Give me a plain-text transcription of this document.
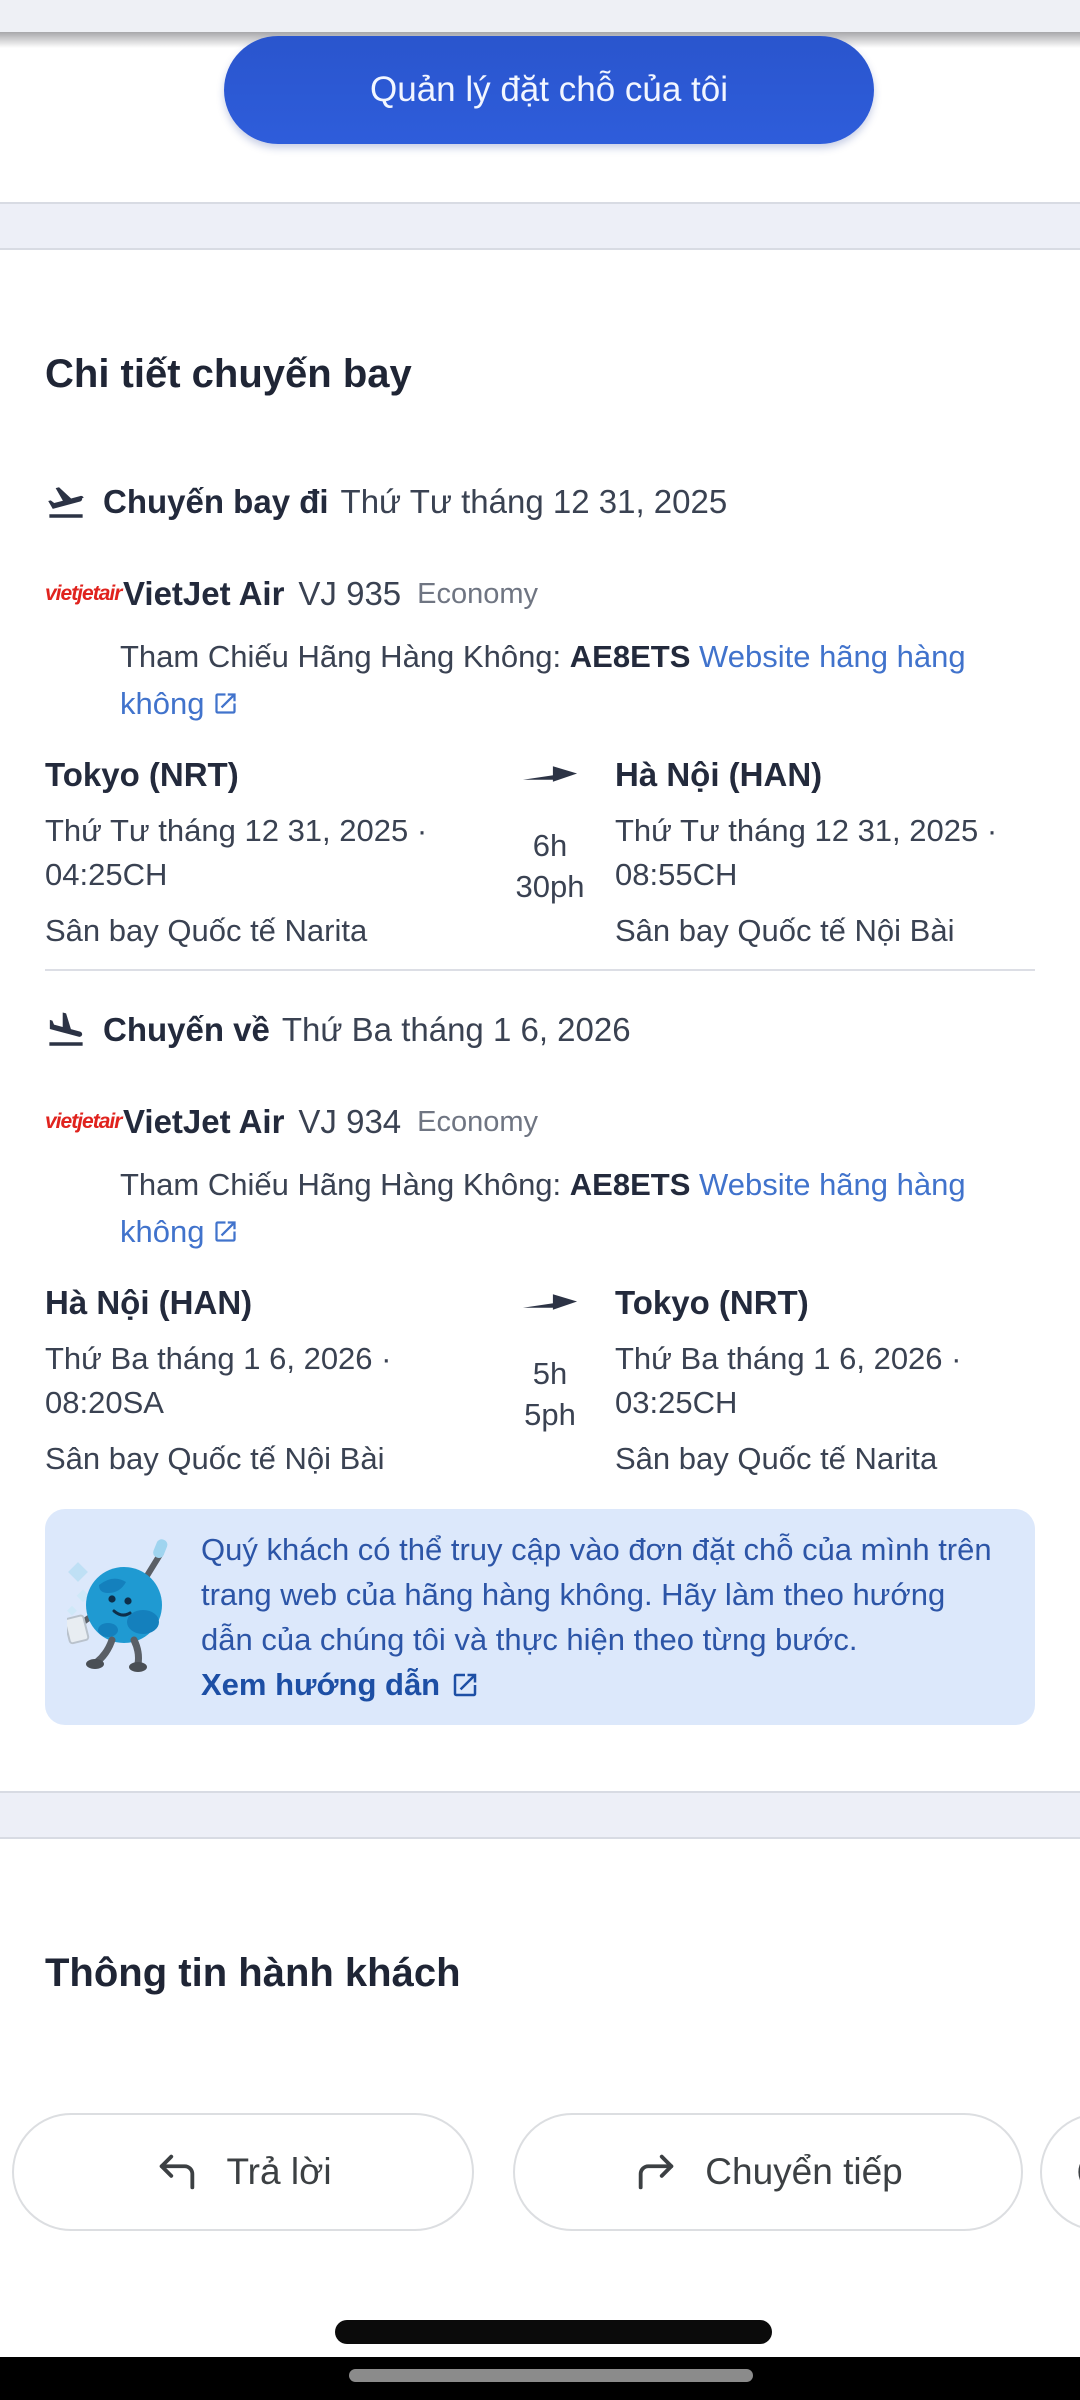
Quản lý đặt chỗ của tôi
Chi tiết chuyến bay
Chuyến bay đi Thứ Tư tháng 12 31, 2025
vietjetair VietJet Air VJ 935 Economy
Tham Chiếu Hãng Hàng Không: AE8ETS Website hãng hàng không
Tokyo (NRT)
Thứ Tư tháng 12 31, 2025 · 04:25CH
Sân bay Quốc tế Narita
6h
30ph
Hà Nội (HAN)
Thứ Tư tháng 12 31, 2025 · 08:55CH
Sân bay Quốc tế Nội Bài
Chuyến về Thứ Ba tháng 1 6, 2026
vietjetair VietJet Air VJ 934 Economy
Tham Chiếu Hãng Hàng Không: AE8ETS Website hãng hàng không
Hà Nội (HAN)
Thứ Ba tháng 1 6, 2026 · 08:20SA
Sân bay Quốc tế Nội Bài
5h
5ph
Tokyo (NRT)
Thứ Ba tháng 1 6, 2026 · 03:25CH
Sân bay Quốc tế Narita
Quý khách có thể truy cập vào đơn đặt chỗ của mình trên trang web của hãng hàng không. Hãy làm theo hướng dẫn của chúng tôi và thực hiện theo từng bước.
Xem hướng dẫn
Thông tin hành khách
Trả lời	Chuyển tiếp
